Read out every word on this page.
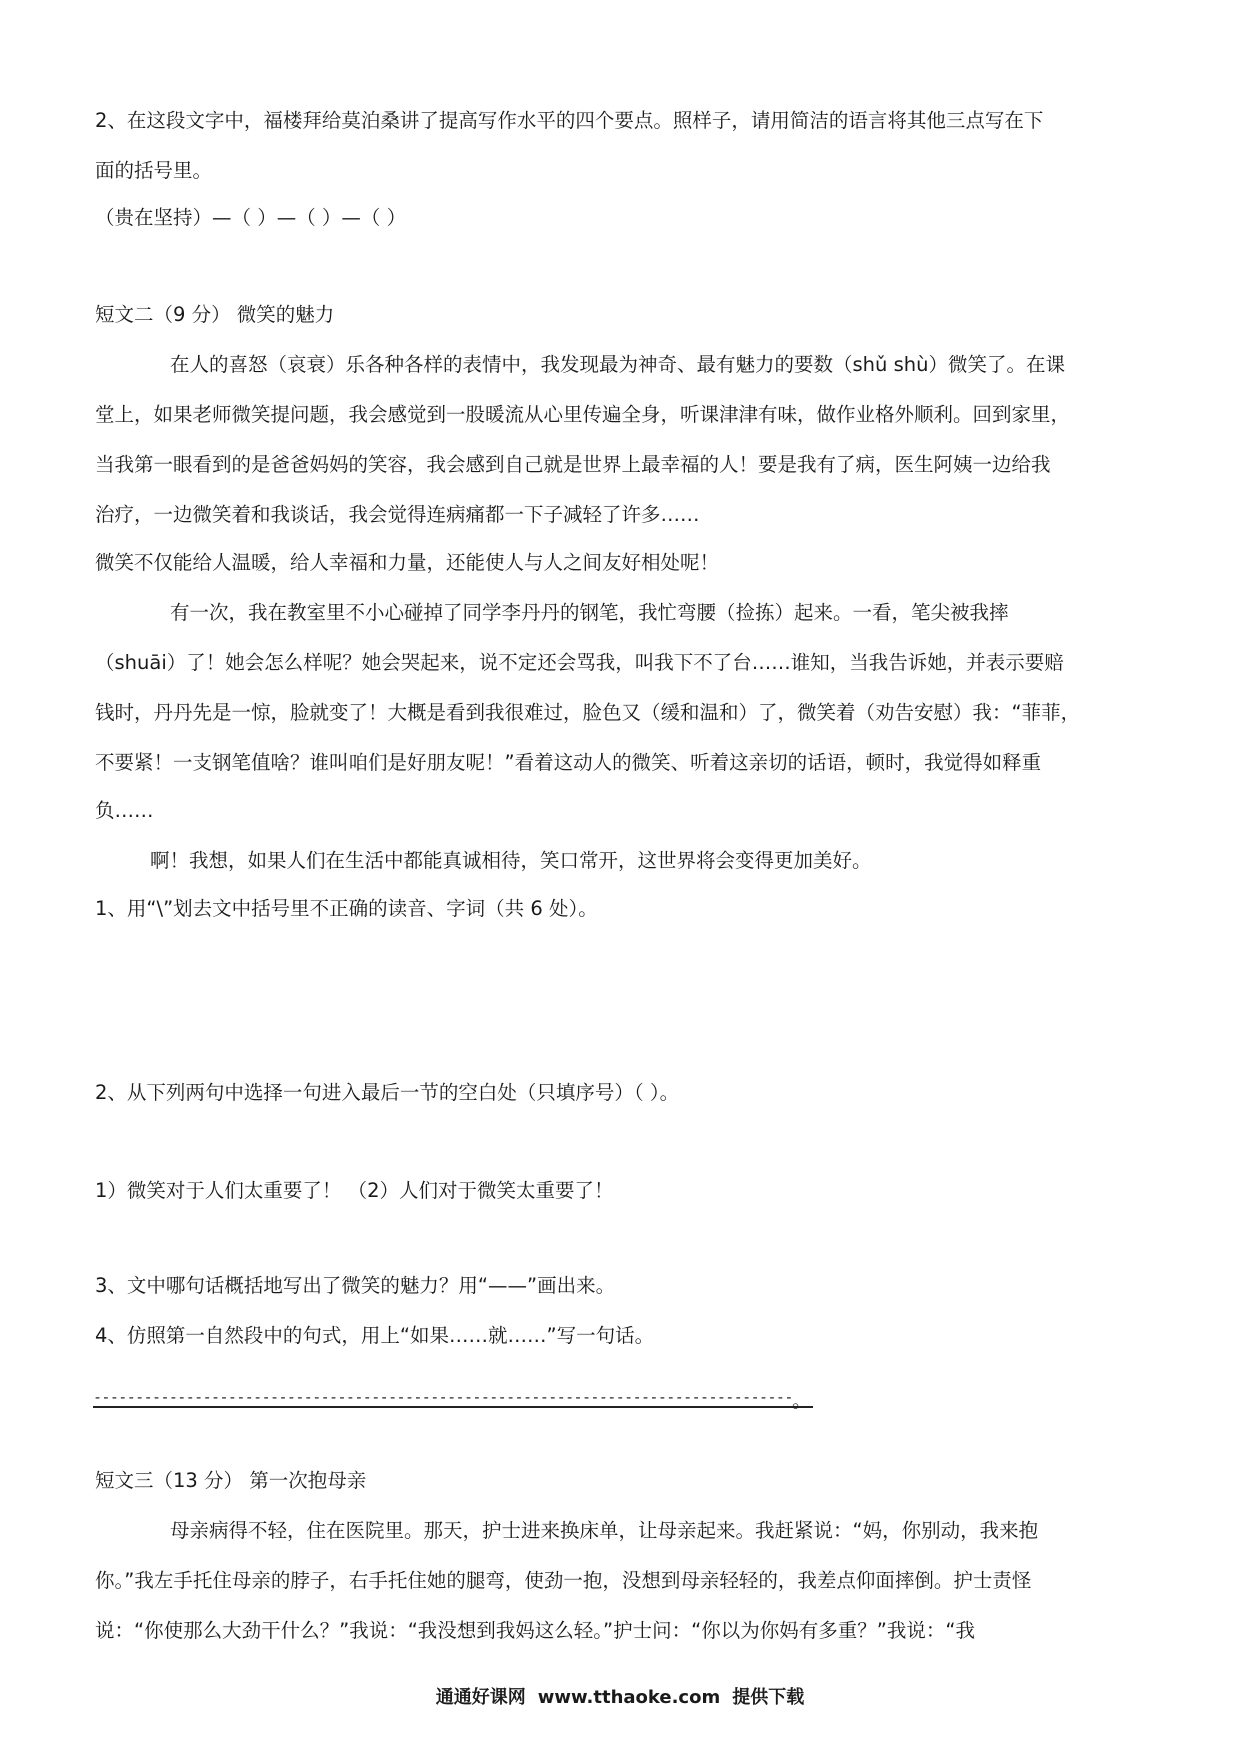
2、在这段文字中，福楼拜给莫泊桑讲了提高写作水平的四个要点。照样子，请用简洁的语言将其他三点写在下
面的括号里。
（贵在坚持）—（ ）—（ ）—（ ）
短文二（9 分） 微笑的魅力
在人的喜怒（哀衰）乐各种各样的表情中，我发现最为神奇、最有魅力的要数（shǔ shù）微笑了。在课
堂上，如果老师微笑提问题，我会感觉到一股暖流从心里传遍全身，听课津津有味，做作业格外顺利。回到家里，
当我第一眼看到的是爸爸妈妈的笑容，我会感到自己就是世界上最幸福的人！要是我有了病，医生阿姨一边给我
治疗，一边微笑着和我谈话，我会觉得连病痛都一下子减轻了许多……
微笑不仅能给人温暖，给人幸福和力量，还能使人与人之间友好相处呢！
有一次，我在教室里不小心碰掉了同学李丹丹的钢笔，我忙弯腰（捡拣）起来。一看，笔尖被我摔
（shuāi）了！她会怎么样呢？她会哭起来，说不定还会骂我，叫我下不了台……谁知，当我告诉她，并表示要赔
钱时，丹丹先是一惊，脸就变了！大概是看到我很难过，脸色又（缓和温和）了，微笑着（劝告安慰）我：“菲菲，
不要紧！一支钢笔值啥？谁叫咱们是好朋友呢！”看着这动人的微笑、听着这亲切的话语，顿时，我觉得如释重
负……
啊！我想，如果人们在生活中都能真诚相待，笑口常开，这世界将会变得更加美好。
1、用“\”划去文中括号里不正确的读音、字词（共 6 处）。
2、从下列两句中选择一句进入最后一节的空白处（只填序号）（ ）。
1）微笑对于人们太重要了！ （2）人们对于微笑太重要了！
3、文中哪句话概括地写出了微笑的魅力？用“——”画出来。
4、仿照第一自然段中的句式，用上“如果……就……”写一句话。
----------------------------------------------------------------------------------- 。
短文三（13 分） 第一次抱母亲
母亲病得不轻，住在医院里。那天，护士进来换床单，让母亲起来。我赶紧说：“妈，你别动，我来抱
你。”我左手托住母亲的脖子，右手托住她的腿弯，使劲一抱，没想到母亲轻轻的，我差点仰面摔倒。护士责怪
说：“你使那么大劲干什么？”我说：“我没想到我妈这么轻。”护士问：“你以为你妈有多重？”我说：“我
通通好课网 www.tthaoke.com 提供下载
